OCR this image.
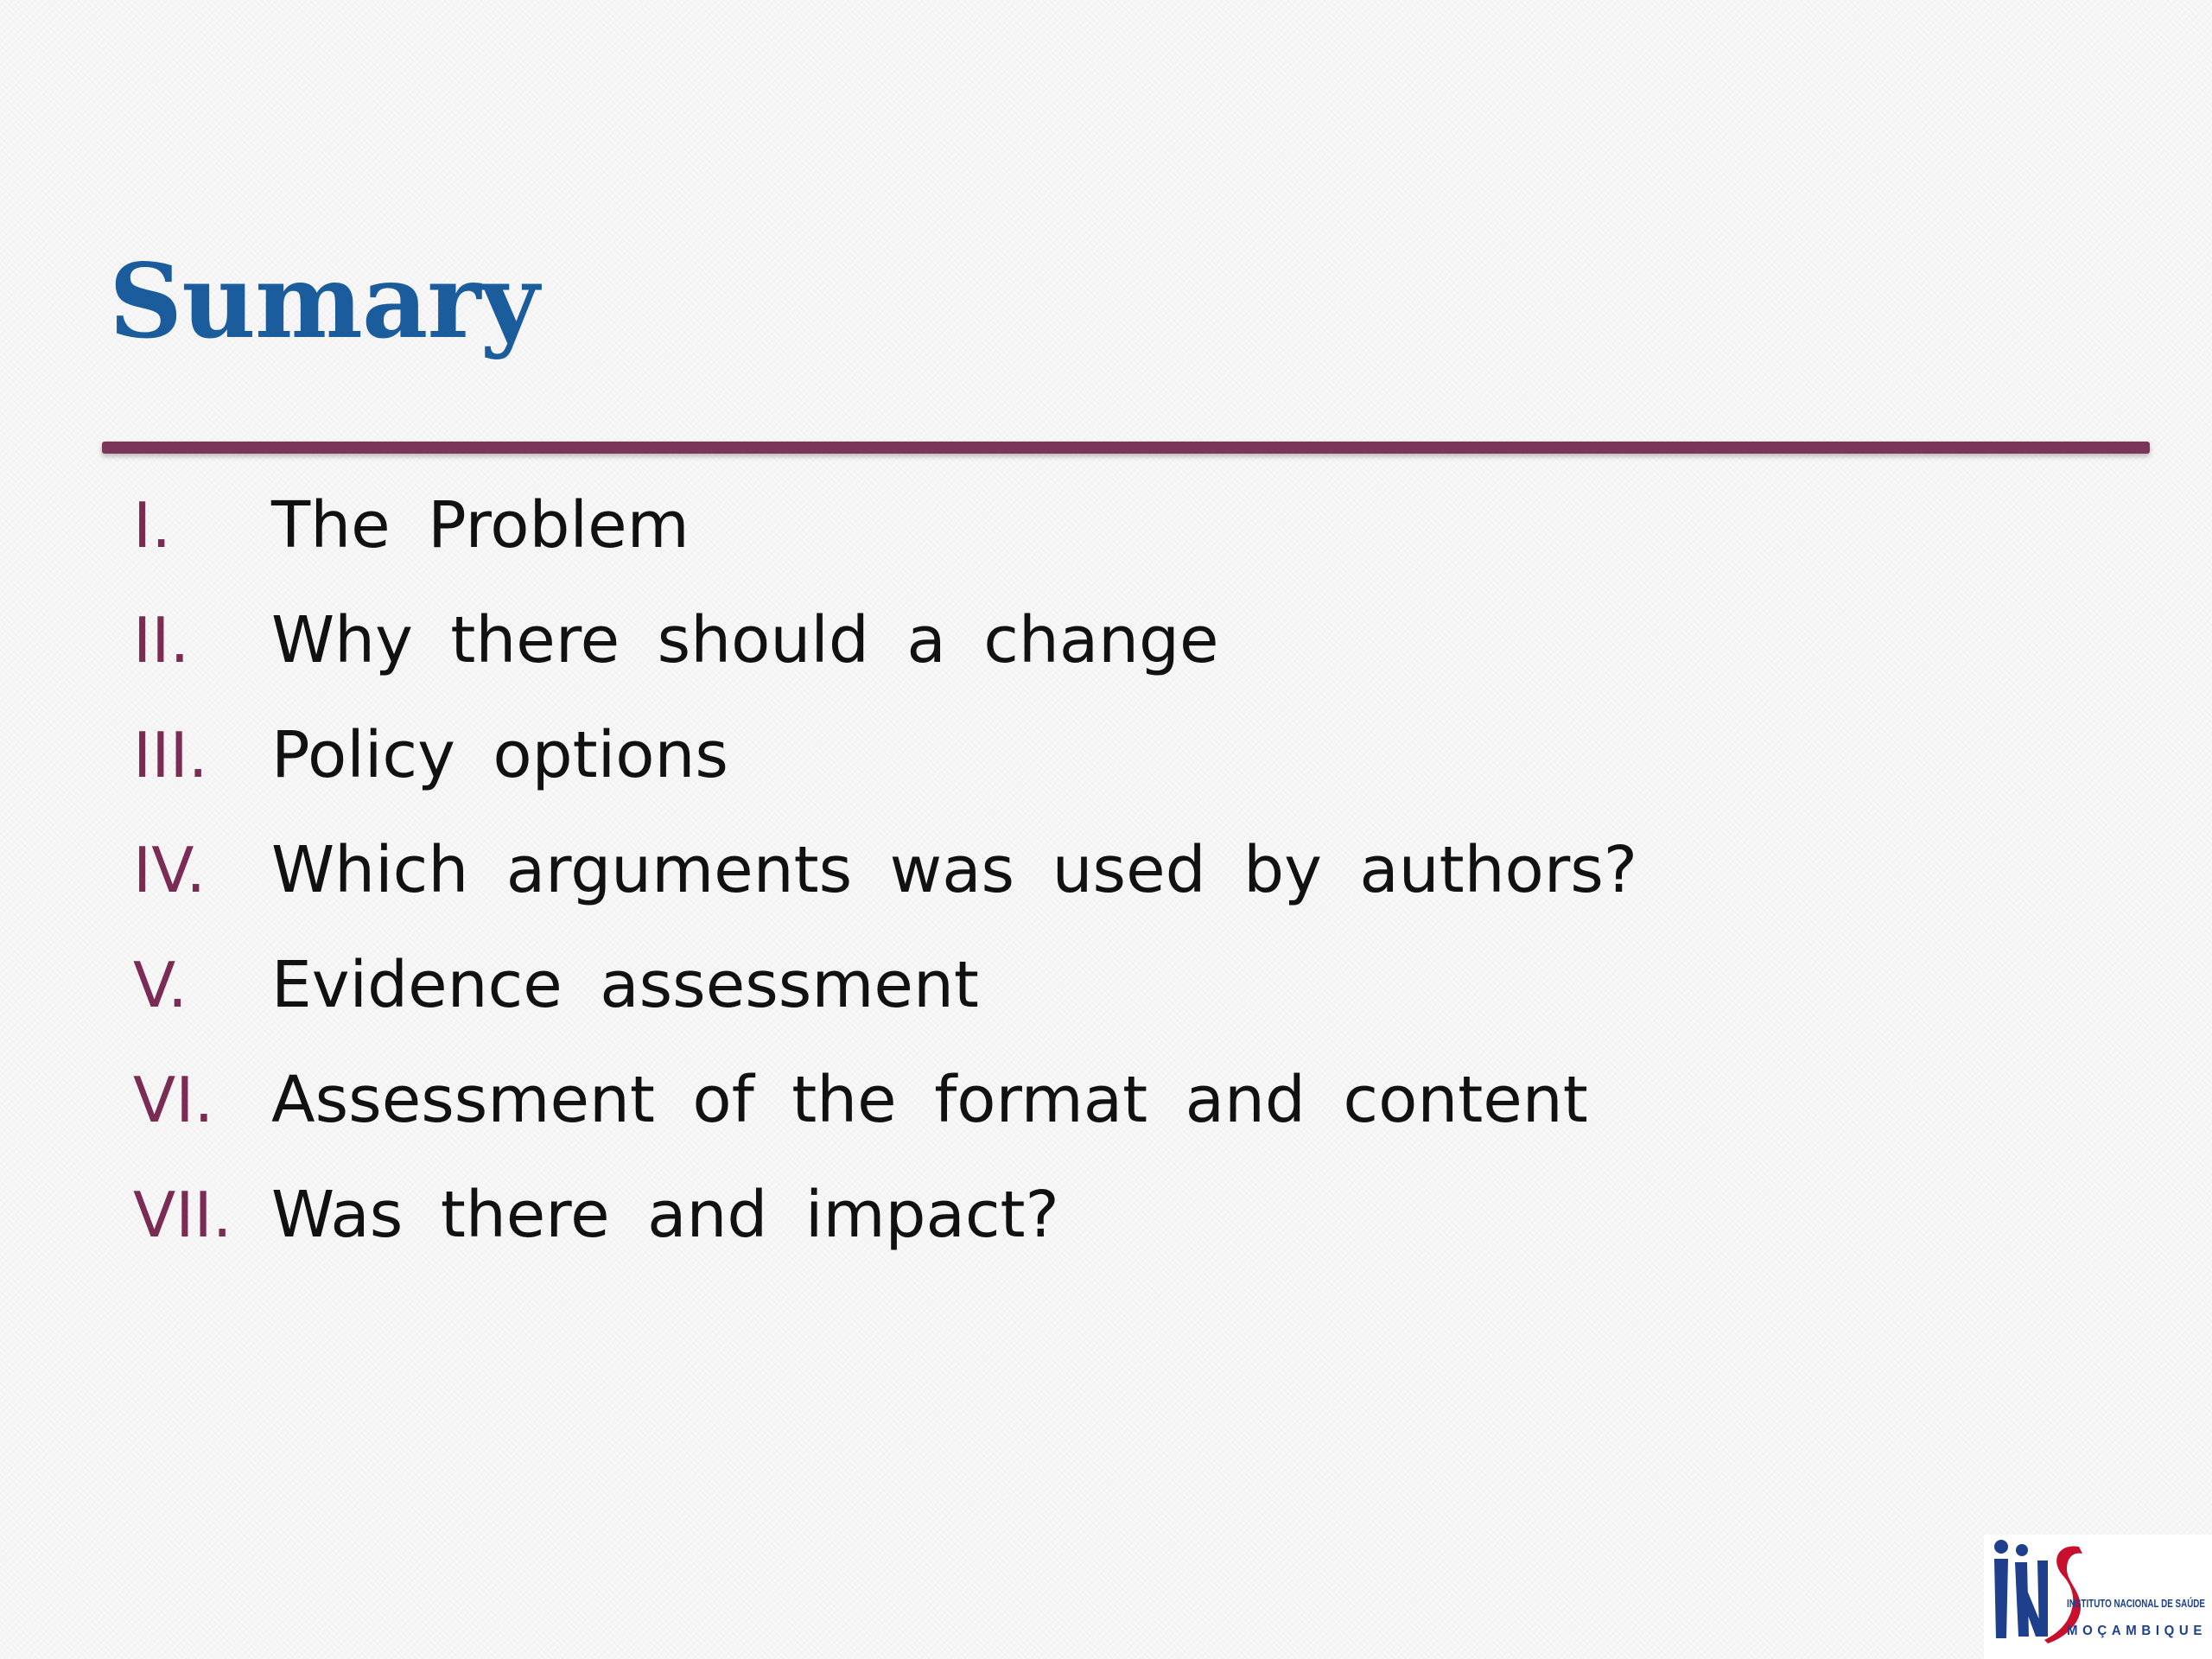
Sumary
I.	The Problem
II.	Why there should a change
III. Policy options
IV.	Which arguments was used by authors?
V.	Evidence assessment
VI. Assessment of the format and content
VII. Was there and impact?
INSTITUTO NACIONAL DE SAÚDE
MOÇAMBIQUE
